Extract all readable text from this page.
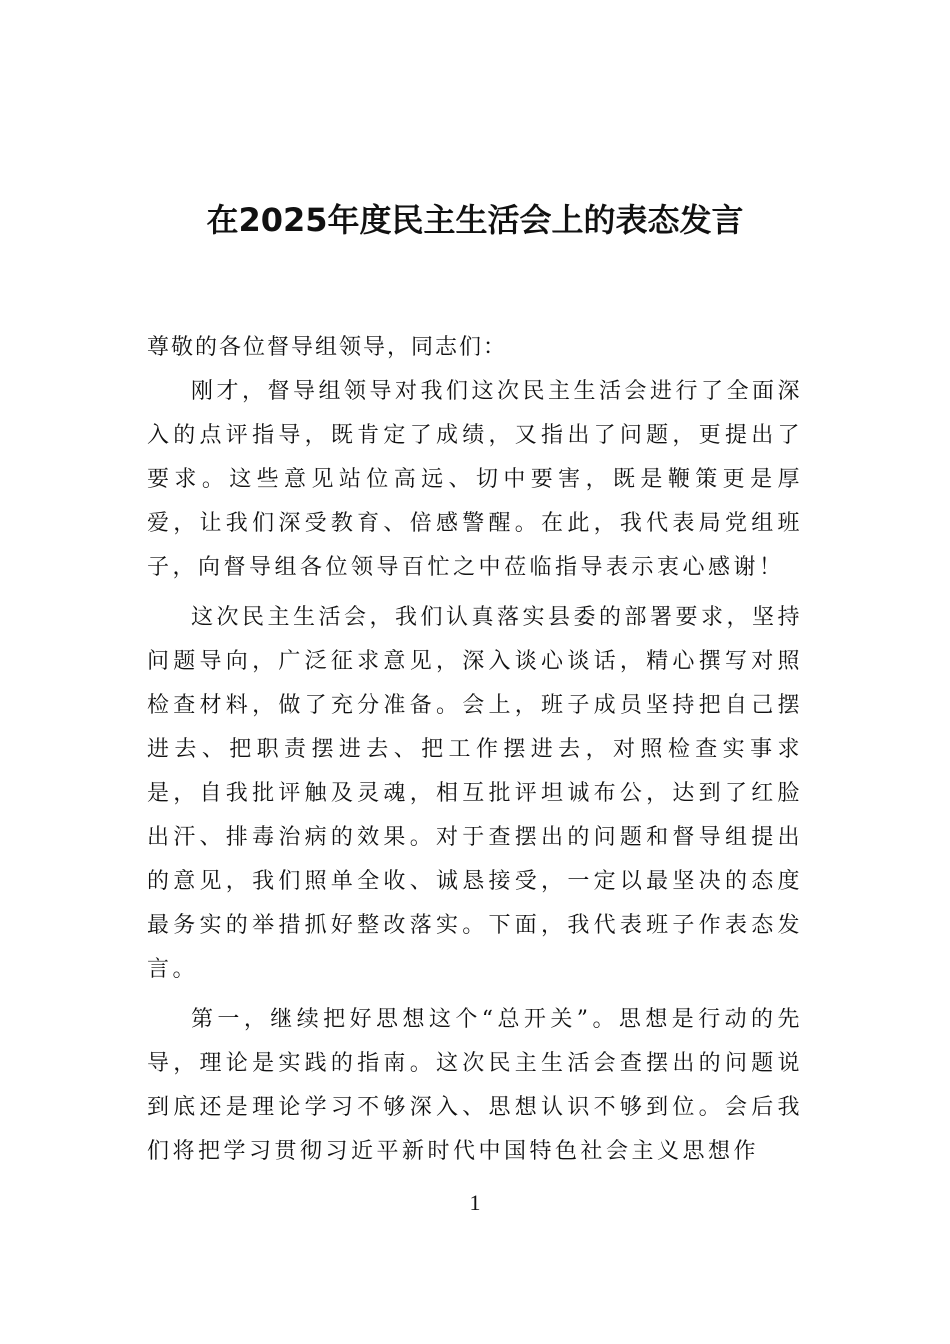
在2025年度民主生活会上的表态发言

尊敬的各位督导组领导，同志们：

刚才，督导组领导对我们这次民主生活会进行了全面深入的点评指导，既肯定了成绩，又指出了问题，更提出了要求。这些意见站位高远、切中要害，既是鞭策更是厚爱，让我们深受教育、倍感警醒。在此，我代表局党组班子，向督导组各位领导百忙之中莅临指导表示衷心感谢！

这次民主生活会，我们认真落实县委的部署要求，坚持问题导向，广泛征求意见，深入谈心谈话，精心撰写对照检查材料，做了充分准备。会上，班子成员坚持把自己摆进去、把职责摆进去、把工作摆进去，对照检查实事求是，自我批评触及灵魂，相互批评坦诚布公，达到了红脸出汗、排毒治病的效果。对于查摆出的问题和督导组提出的意见，我们照单全收、诚恳接受，一定以最坚决的态度最务实的举措抓好整改落实。下面，我代表班子作表态发言。

第一，继续把好思想这个“总开关”。思想是行动的先导，理论是实践的指南。这次民主生活会查摆出的问题说到底还是理论学习不够深入、思想认识不够到位。会后我们将把学习贯彻习近平新时代中国特色社会主义思想作

1
